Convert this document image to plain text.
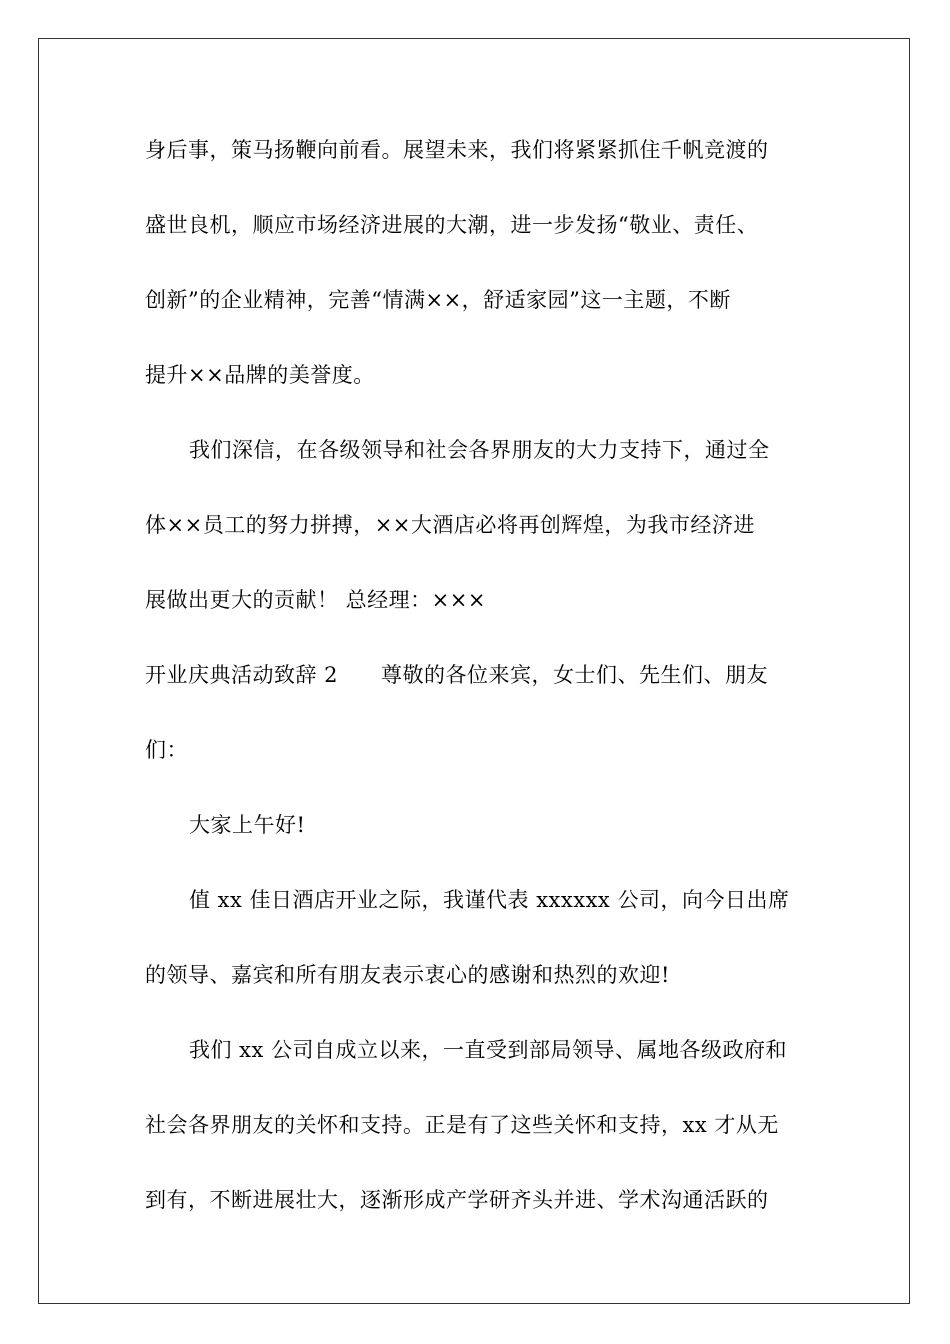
身后事，策马扬鞭向前看。展望未来，我们将紧紧抓住千帆竞渡的
盛世良机，顺应市场经济进展的大潮，进一步发扬“敬业、责任、
创新”的企业精神，完善“情满××，舒适家园”这一主题，不断
提升××品牌的美誉度。
我们深信，在各级领导和社会各界朋友的大力支持下，通过全
体××员工的努力拼搏，××大酒店必将再创辉煌，为我市经济进
展做出更大的贡献！ 总经理：×××
开业庆典活动致辞 2　　尊敬的各位来宾，女士们、先生们、朋友
们：
大家上午好!
值 xx 佳日酒店开业之际，我谨代表 xxxxxx 公司，向今日出席
的领导、嘉宾和所有朋友表示衷心的感谢和热烈的欢迎!
我们 xx 公司自成立以来，一直受到部局领导、属地各级政府和
社会各界朋友的关怀和支持。正是有了这些关怀和支持，xx 才从无
到有，不断进展壮大，逐渐形成产学研齐头并进、学术沟通活跃的
